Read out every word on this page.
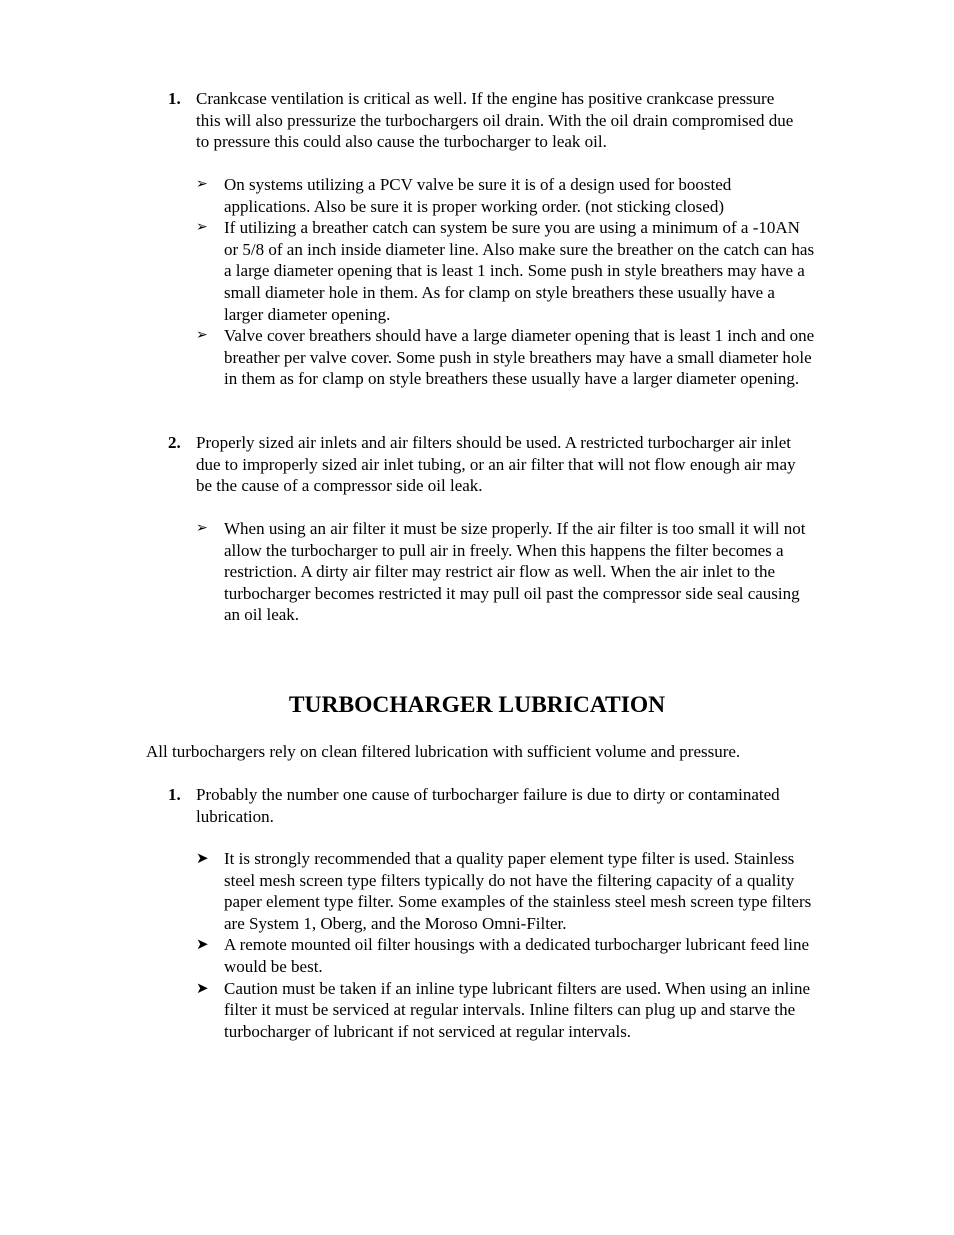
1. Crankcase ventilation is critical as well. If the engine has positive crankcase pressure this will also pressurize the turbochargers oil drain. With the oil drain compromised due to pressure this could also cause the turbocharger to leak oil.
➢ On systems utilizing a PCV valve be sure it is of a design used for boosted applications. Also be sure it is proper working order. (not sticking closed)
➢ If utilizing a breather catch can system be sure you are using a minimum of a -10AN or 5/8 of an inch inside diameter line. Also make sure the breather on the catch can has a large diameter opening that is least 1 inch. Some push in style breathers may have a small diameter hole in them. As for clamp on style breathers these usually have a larger diameter opening.
➢ Valve cover breathers should have a large diameter opening that is least 1 inch and one breather per valve cover. Some push in style breathers may have a small diameter hole in them as for clamp on style breathers these usually have a larger diameter opening.
2. Properly sized air inlets and air filters should be used. A restricted turbocharger air inlet due to improperly sized air inlet tubing, or an air filter that will not flow enough air may be the cause of a compressor side oil leak.
➢ When using an air filter it must be size properly. If the air filter is too small it will not allow the turbocharger to pull air in freely. When this happens the filter becomes a restriction. A dirty air filter may restrict air flow as well. When the air inlet to the turbocharger becomes restricted it may pull oil past the compressor side seal causing an oil leak.
TURBOCHARGER LUBRICATION
All turbochargers rely on clean filtered lubrication with sufficient volume and pressure.
1. Probably the number one cause of turbocharger failure is due to dirty or contaminated lubrication.
➤ It is strongly recommended that a quality paper element type filter is used. Stainless steel mesh screen type filters typically do not have the filtering capacity of a quality paper element type filter. Some examples of the stainless steel mesh screen type filters are System 1, Oberg, and the Moroso Omni-Filter.
➤ A remote mounted oil filter housings with a dedicated turbocharger lubricant feed line would be best.
➤ Caution must be taken if an inline type lubricant filters are used. When using an inline filter it must be serviced at regular intervals. Inline filters can plug up and starve the turbocharger of lubricant if not serviced at regular intervals.
